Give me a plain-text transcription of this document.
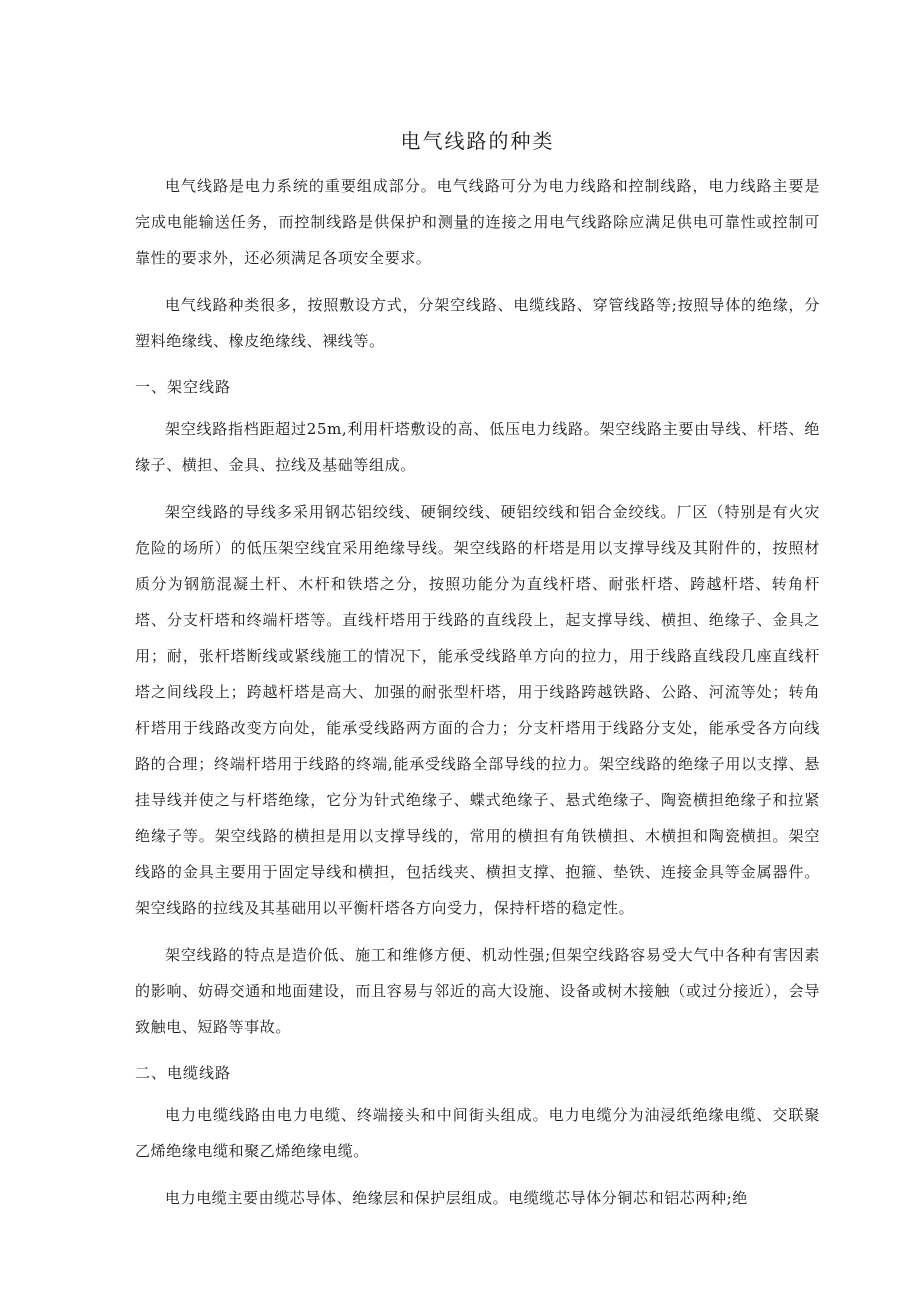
电气线路的种类

电气线路是电力系统的重要组成部分。电气线路可分为电力线路和控制线路，电力线路主要是完成电能输送任务，而控制线路是供保护和测量的连接之用电气线路除应满足供电可靠性或控制可靠性的要求外，还必须满足各项安全要求。

电气线路种类很多，按照敷设方式，分架空线路、电缆线路、穿管线路等;按照导体的绝缘，分塑料绝缘线、橡皮绝缘线、裸线等。

一、架空线路

架空线路指档距超过25m,利用杆塔敷设的高、低压电力线路。架空线路主要由导线、杆塔、绝缘子、横担、金具、拉线及基础等组成。

架空线路的导线多采用钢芯铝绞线、硬铜绞线、硬铝绞线和铝合金绞线。厂区（特别是有火灾危险的场所）的低压架空线宜采用绝缘导线。架空线路的杆塔是用以支撑导线及其附件的，按照材质分为钢筋混凝土杆、木杆和铁塔之分，按照功能分为直线杆塔、耐张杆塔、跨越杆塔、转角杆塔、分支杆塔和终端杆塔等。直线杆塔用于线路的直线段上，起支撑导线、横担、绝缘子、金具之用；耐，张杆塔断线或紧线施工的情况下，能承受线路单方向的拉力，用于线路直线段几座直线杆塔之间线段上；跨越杆塔是高大、加强的耐张型杆塔，用于线路跨越铁路、公路、河流等处；转角杆塔用于线路改变方向处，能承受线路两方面的合力；分支杆塔用于线路分支处，能承受各方向线路的合理；终端杆塔用于线路的终端,能承受线路全部导线的拉力。架空线路的绝缘子用以支撑、悬挂导线并使之与杆塔绝缘，它分为针式绝缘子、蝶式绝缘子、悬式绝缘子、陶瓷横担绝缘子和拉紧绝缘子等。架空线路的横担是用以支撑导线的，常用的横担有角铁横担、木横担和陶瓷横担。架空线路的金具主要用于固定导线和横担，包括线夹、横担支撑、抱箍、垫铁、连接金具等金属器件。架空线路的拉线及其基础用以平衡杆塔各方向受力，保持杆塔的稳定性。

架空线路的特点是造价低、施工和维修方便、机动性强;但架空线路容易受大气中各种有害因素的影响、妨碍交通和地面建设，而且容易与邻近的高大设施、设备或树木接触（或过分接近），会导致触电、短路等事故。

二、电缆线路

电力电缆线路由电力电缆、终端接头和中间街头组成。电力电缆分为油浸纸绝缘电缆、交联聚乙烯绝缘电缆和聚乙烯绝缘电缆。

电力电缆主要由缆芯导体、绝缘层和保护层组成。电缆缆芯导体分铜芯和铝芯两种;绝
